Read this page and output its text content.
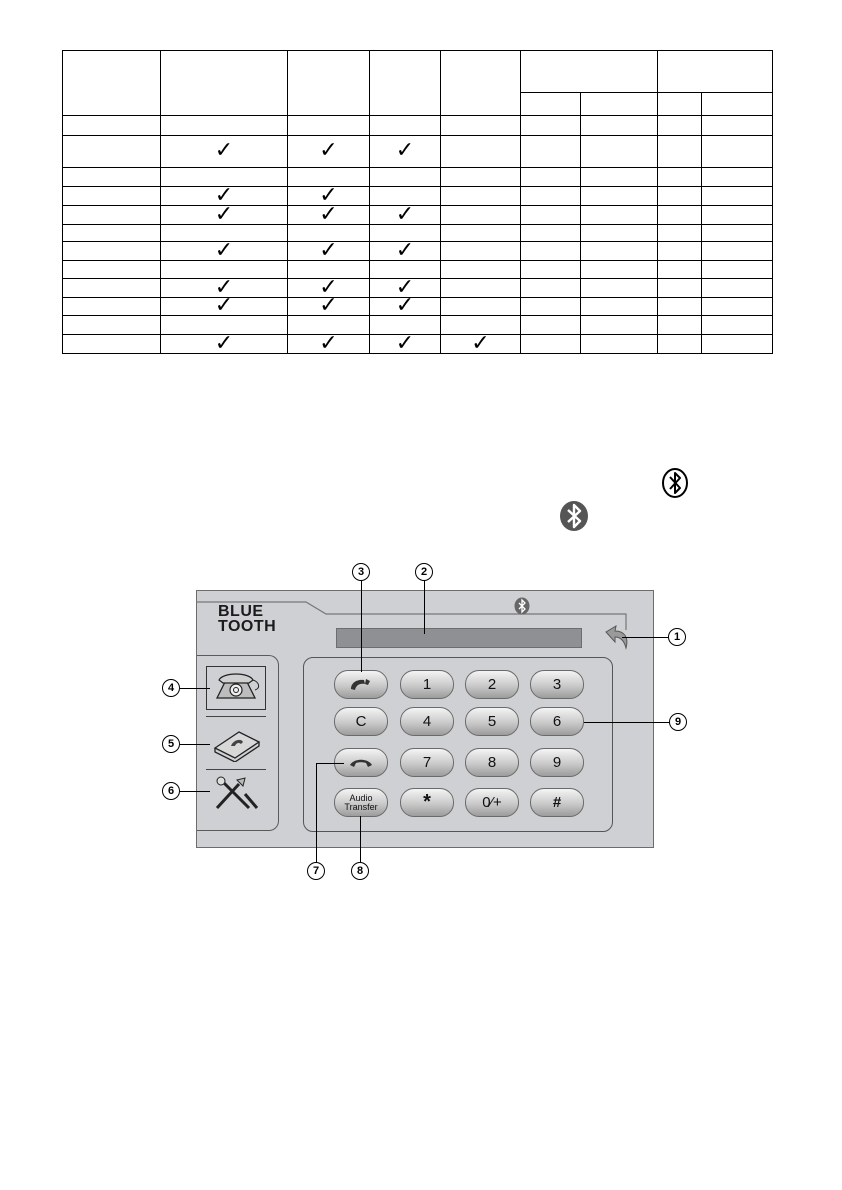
	✓	✓	✓					

	✓	✓						
	✓	✓	✓					

	✓	✓	✓					

	✓	✓	✓					
	✓	✓	✓					

	✓	✓	✓	✓				
BLUE
TOOTH
1	2	3
C	4	5	6
7	8	9
Audio
Transfer	*	0⁄+	#
3	2
1
4
5
6
9
7	8
